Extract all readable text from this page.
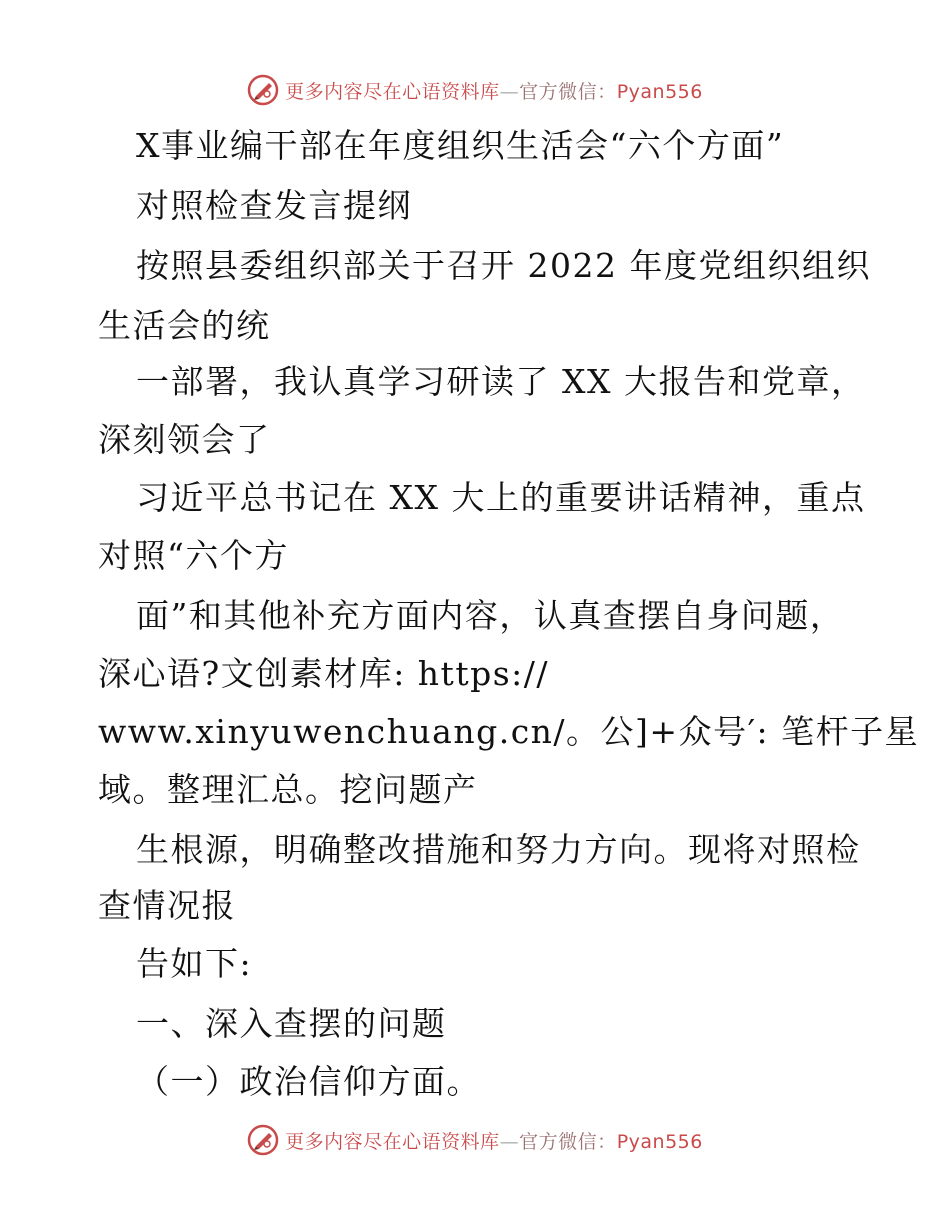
更多内容尽在心语资料库—官方微信：Pyan556
X事业编干部在年度组织生活会“六个方面”
对照检查发言提纲
按照县委组织部关于召开 2022 年度党组织组织
生活会的统
一部署，我认真学习研读了 XX 大报告和党章，
深刻领会了
习近平总书记在 XX 大上的重要讲话精神，重点
对照“六个方
面”和其他补充方面内容，认真查摆自身问题，
深心语?文创素材库: https://
www.xinyuwenchuang.cn/。公]+众号′: 笔杆子星
域。整理汇总。挖问题产
生根源，明确整改措施和努力方向。现将对照检
查情况报
告如下:
一、深入查摆的问题
（一）政治信仰方面。
更多内容尽在心语资料库—官方微信：Pyan556
